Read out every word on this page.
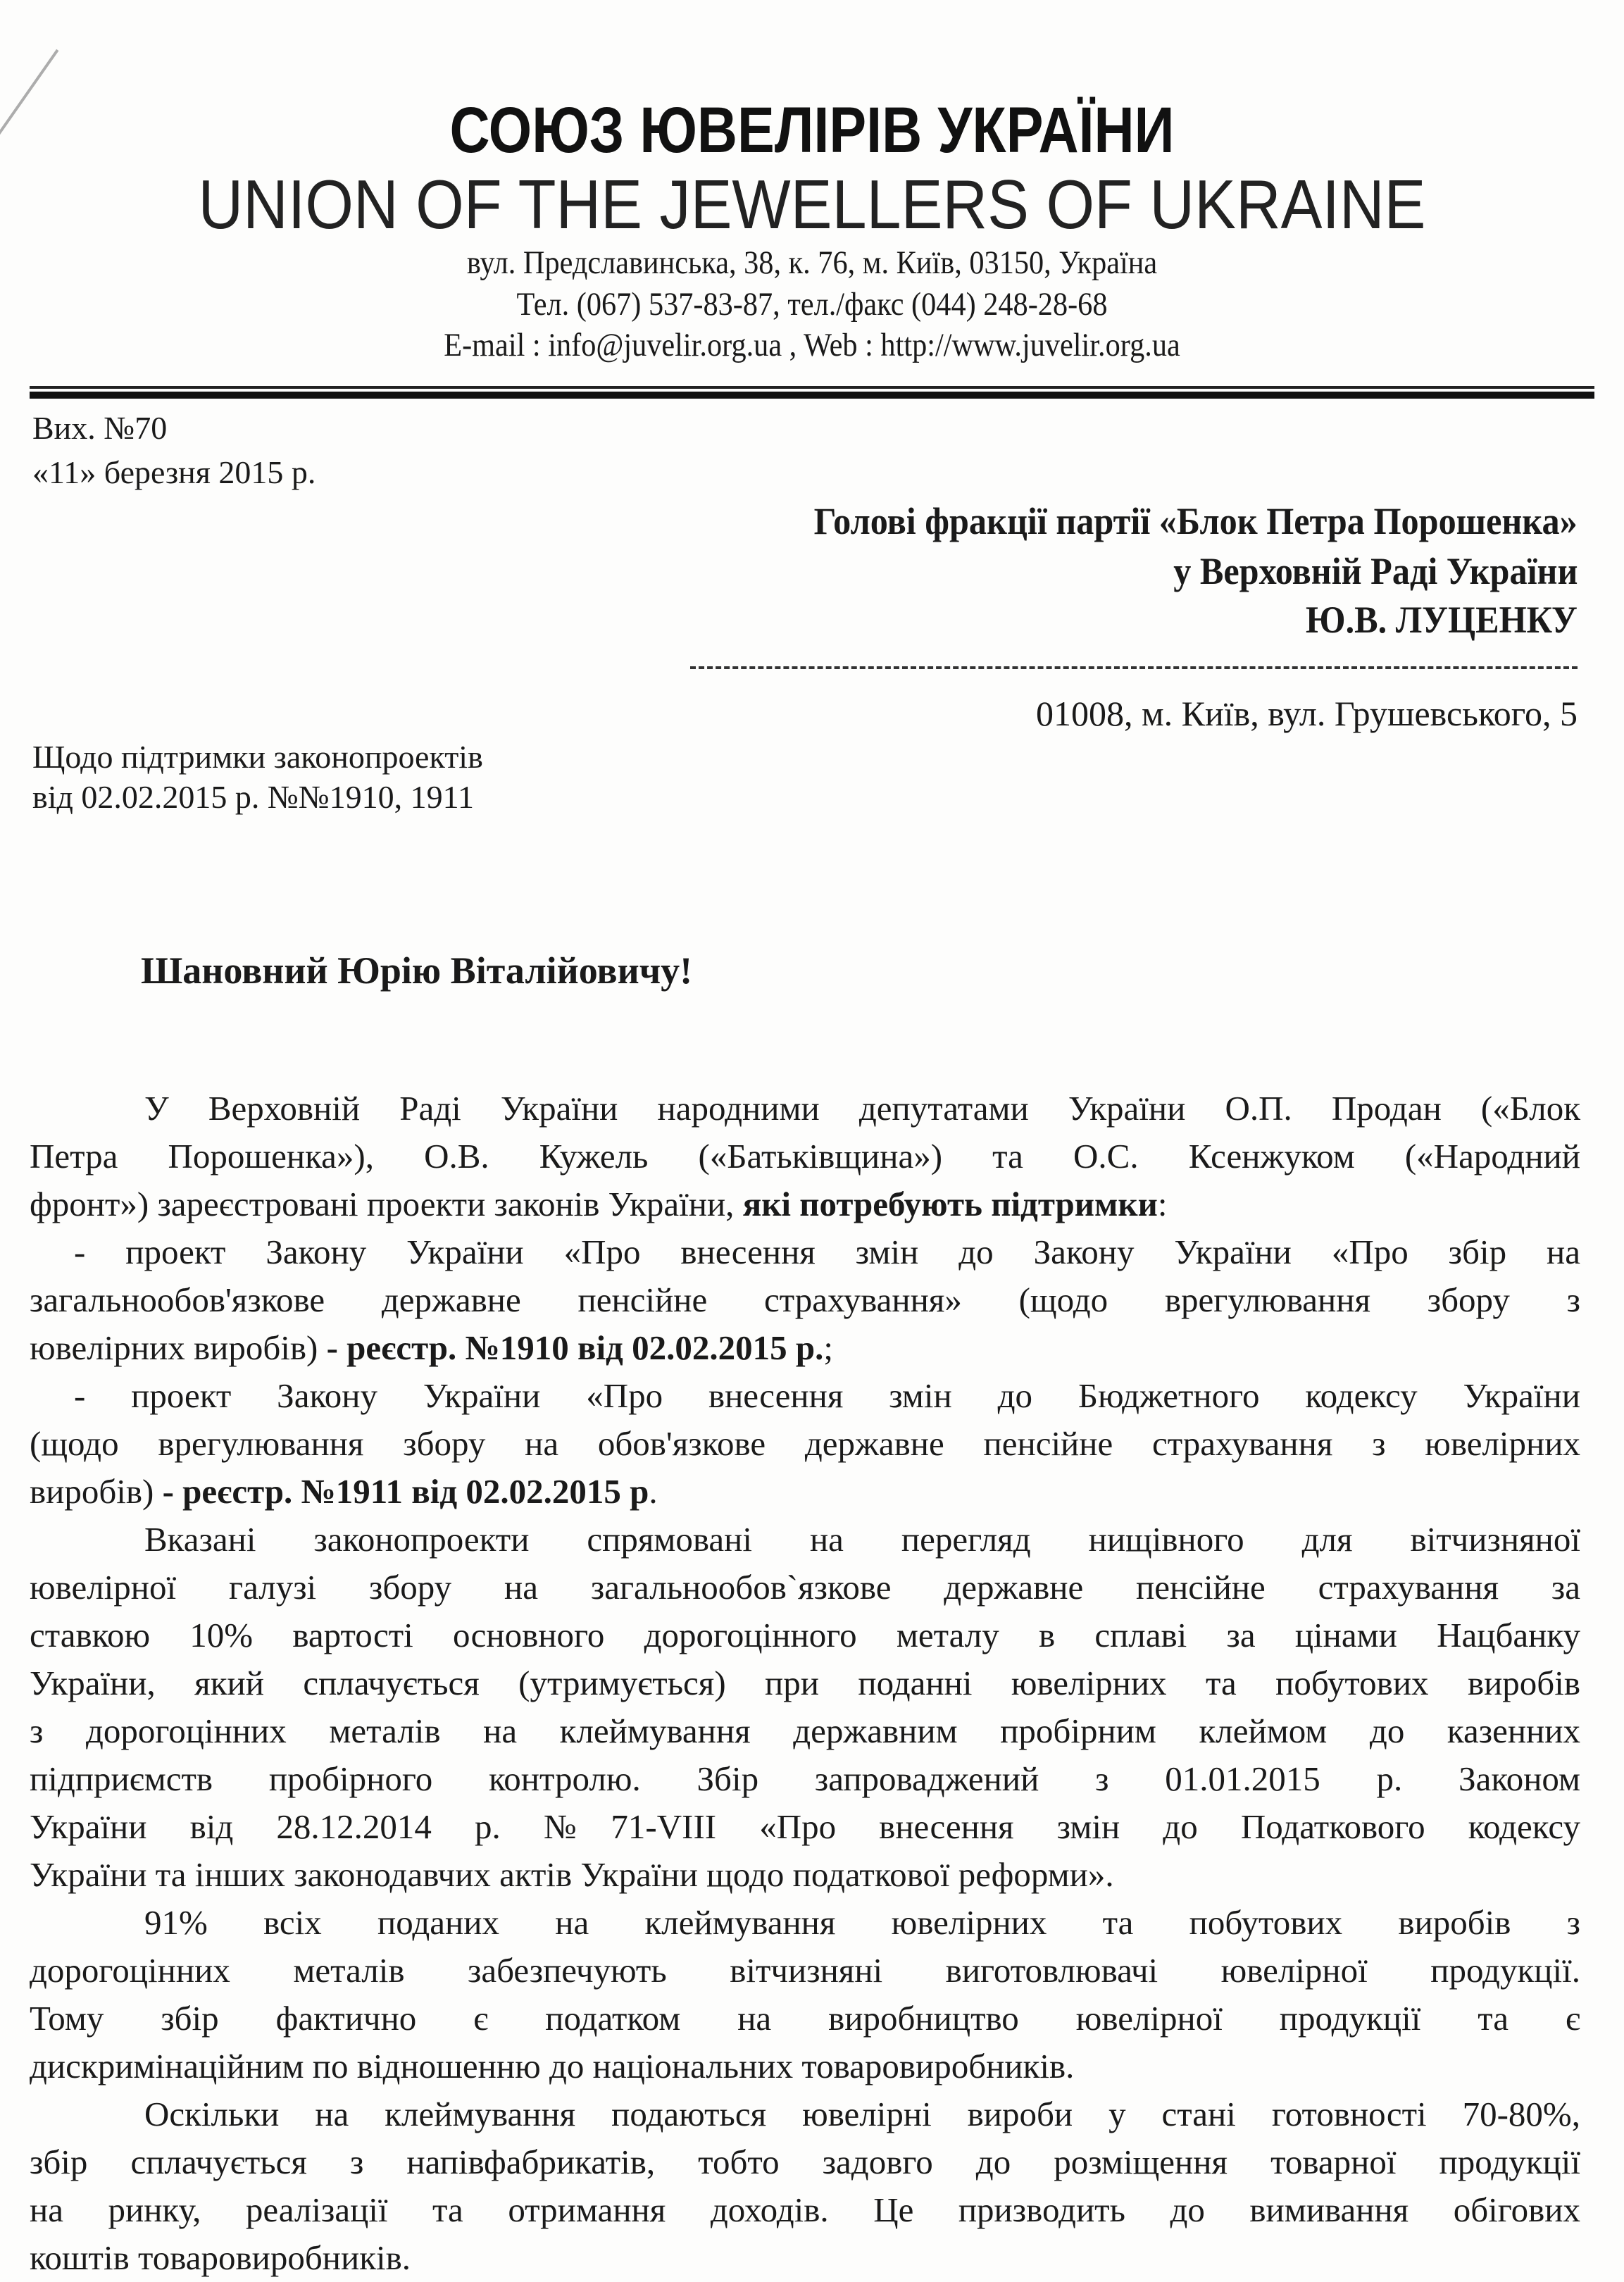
СОЮЗ ЮВЕЛІРІВ УКРАЇНИ
UNION OF THE JEWELLERS OF UKRAINE
вул. Предславинська, 38, к. 76, м. Київ, 03150, Україна
Тел. (067) 537-83-87, тел./факс (044) 248-28-68
E-mail : info@juvelir.org.ua , Web : http://www.juvelir.org.ua
Вих. №70
«11» березня 2015 р.
Голові фракції партії «Блок Петра Порошенка»
у Верховній Раді України
Ю.В. ЛУЦЕНКУ
01008, м. Київ, вул. Грушевського, 5
Щодо підтримки законопроектів
від 02.02.2015 р. №№1910, 1911
Шановний Юрію Віталійовичу!
У Верховній Раді України народними депутатами України О.П. Продан («Блок
Петра Порошенка»), О.В. Кужель («Батьківщина») та О.С. Ксенжуком («Народний
фронт») зареєстровані проекти законів України, які потребують підтримки:
- проект Закону України «Про внесення змін до Закону України «Про збір на
загальнообов'язкове державне пенсійне страхування» (щодо врегулювання збору з
ювелірних виробів) - реєстр. №1910 від 02.02.2015 р.;
- проект Закону України «Про внесення змін до Бюджетного кодексу України
(щодо врегулювання збору на обов'язкове державне пенсійне страхування з ювелірних
виробів) - реєстр. №1911 від 02.02.2015 р.
Вказані законопроекти спрямовані на перегляд нищівного для вітчизняної
ювелірної галузі збору на загальнообов`язкове державне пенсійне страхування за
ставкою 10% вартості основного дорогоцінного металу в сплаві за цінами Нацбанку
України, який сплачується (утримується) при поданні ювелірних та побутових виробів
з дорогоцінних металів на клеймування державним пробірним клеймом до казенних
підприємств пробірного контролю. Збір запроваджений з 01.01.2015 р. Законом
України від 28.12.2014 р. №71-VIII «Про внесення змін до Податкового кодексу
України та інших законодавчих актів України щодо податкової реформи».
91% всіх поданих на клеймування ювелірних та побутових виробів з
дорогоцінних металів забезпечують вітчизняні виготовлювачі ювелірної продукції.
Тому збір фактично є податком на виробництво ювелірної продукції та є
дискримінаційним по відношенню до національних товаровиробників.
Оскільки на клеймування подаються ювелірні вироби у стані готовності 70-80%,
збір сплачується з напівфабрикатів, тобто задовго до розміщення товарної продукції
на ринку, реалізації та отримання доходів. Це призводить до вимивання обігових
коштів товаровиробників.
